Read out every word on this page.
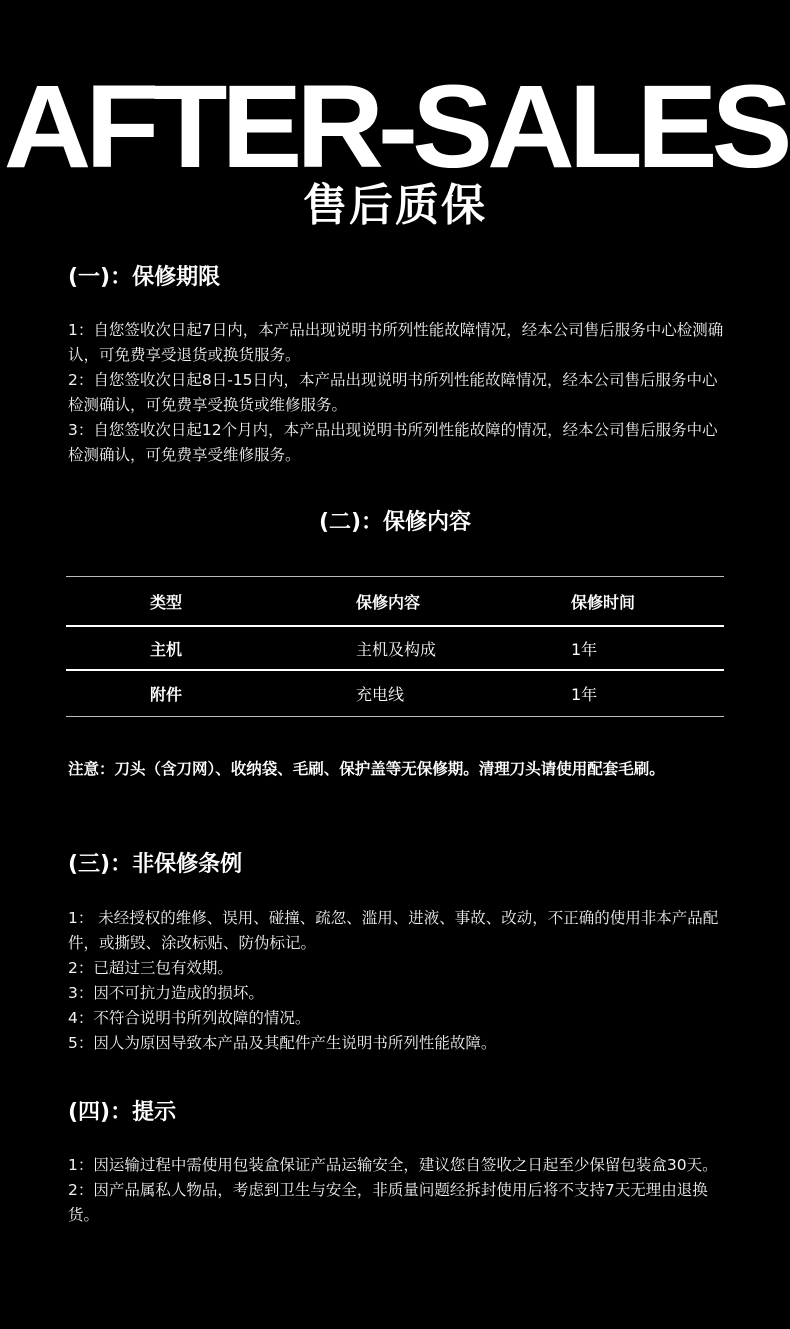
AFTER-SALES
售后质保
(一)：保修期限
1：自您签收次日起7日内，本产品出现说明书所列性能故障情况，经本公司售后服务中心检测确认，可免费享受退货或换货服务。
2：自您签收次日起8日-15日内，本产品出现说明书所列性能故障情况，经本公司售后服务中心检测确认，可免费享受换货或维修服务。
3：自您签收次日起12个月内，本产品出现说明书所列性能故障的情况，经本公司售后服务中心检测确认，可免费享受维修服务。
(二)：保修内容
类型	保修内容	保修时间
主机	主机及构成	1年
附件	充电线	1年
注意：刀头（含刀网）、收纳袋、毛刷、保护盖等无保修期。清理刀头请使用配套毛刷。
(三)：非保修条例
1： 未经授权的维修、误用、碰撞、疏忽、滥用、进液、事故、改动，不正确的使用非本产品配件，或撕毁、涂改标贴、防伪标记。
2：已超过三包有效期。
3：因不可抗力造成的损坏。
4：不符合说明书所列故障的情况。
5：因人为原因导致本产品及其配件产生说明书所列性能故障。
(四)：提示
1：因运输过程中需使用包装盒保证产品运输安全，建议您自签收之日起至少保留包装盒30天。
2：因产品属私人物品，考虑到卫生与安全，非质量问题经拆封使用后将不支持7天无理由退换货。
